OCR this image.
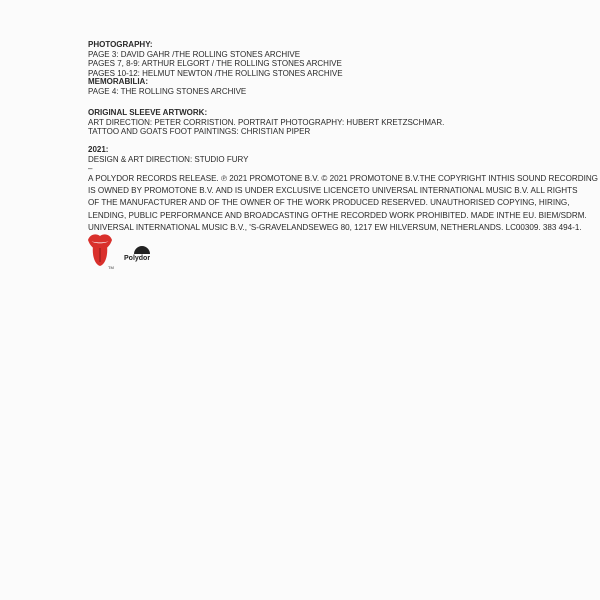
PHOTOGRAPHY:
PAGE 3: DAVID GAHR /THE ROLLING STONES ARCHIVE
PAGES 7, 8-9: ARTHUR ELGORT / THE ROLLING STONES ARCHIVE
PAGES 10-12: HELMUT NEWTON /THE ROLLING STONES ARCHIVE
MEMORABILIA:
PAGE 4: THE ROLLING STONES ARCHIVE
ORIGINAL SLEEVE ARTWORK:
ART DIRECTION: PETER CORRISTION. PORTRAIT PHOTOGRAPHY: HUBERT KRETZSCHMAR.
TATTOO AND GOATS FOOT PAINTINGS: CHRISTIAN PIPER
2021:
DESIGN & ART DIRECTION: STUDIO FURY
–
A POLYDOR RECORDS RELEASE. ℗ 2021 PROMOTONE B.V. © 2021 PROMOTONE B.V.THE COPYRIGHT INTHIS SOUND RECORDING
IS OWNED BY PROMOTONE B.V. AND IS UNDER EXCLUSIVE LICENCETO UNIVERSAL INTERNATIONAL MUSIC B.V. ALL RIGHTS
OF THE MANUFACTURER AND OF THE OWNER OF THE WORK PRODUCED RESERVED. UNAUTHORISED COPYING, HIRING,
LENDING, PUBLIC PERFORMANCE AND BROADCASTING OFTHE RECORDED WORK PROHIBITED. MADE INTHE EU. BIEM/SDRM.
UNIVERSAL INTERNATIONAL MUSIC B.V., 'S-GRAVELANDSEWEG 80, 1217 EW HILVERSUM, NETHERLANDS. LC00309. 383 494-1.
TM
Polydor
